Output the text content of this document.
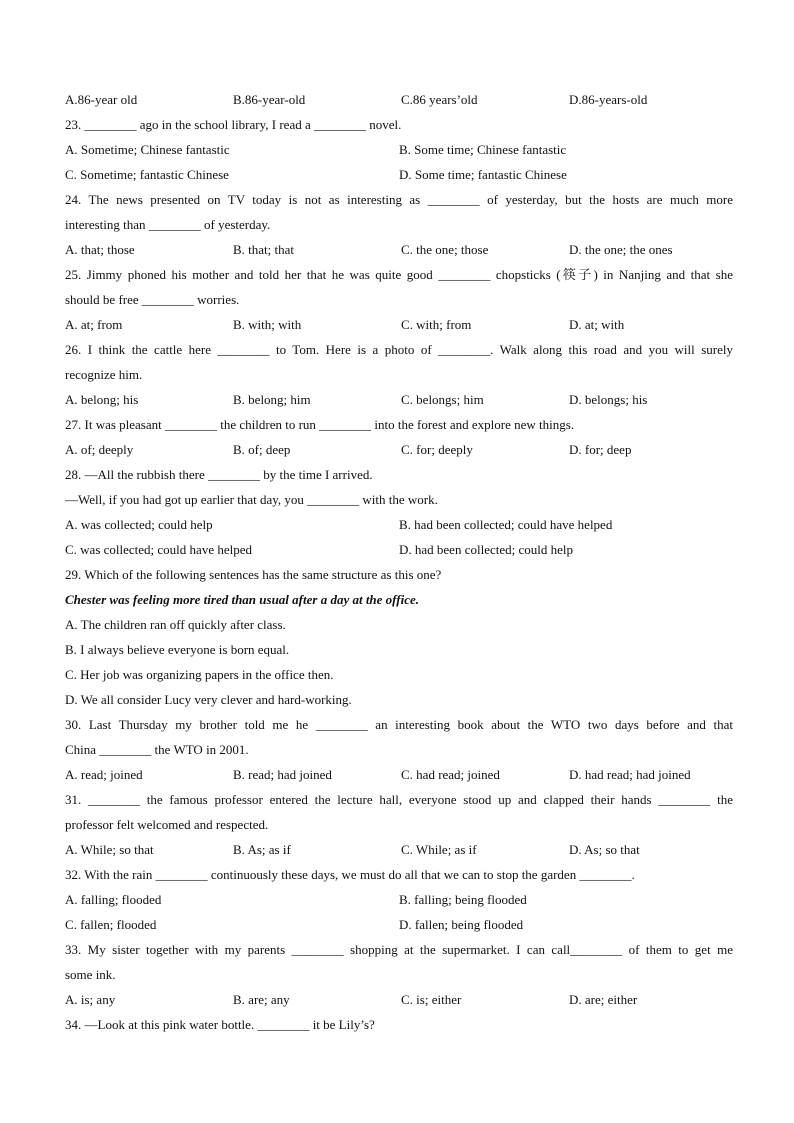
A.86-year old	B.86-year-old	C.86 years’old	D.86-years-old
23. ________ ago in the school library, I read a ________ novel.
A. Sometime; Chinese fantastic	B. Some time; Chinese fantastic
C. Sometime; fantastic Chinese	D. Some time; fantastic Chinese
24. The news presented on TV today is not as interesting as ________ of yesterday, but the hosts are much more
interesting than ________ of yesterday.
A. that; those	B. that; that	C. the one; those	D. the one; the ones
25. Jimmy phoned his mother and told her that he was quite good ________ chopsticks (筷子) in Nanjing and that she
should be free ________ worries.
A. at; from	B. with; with	C. with; from	D. at; with
26. I think the cattle here ________ to Tom. Here is a photo of ________. Walk along this road and you will surely
recognize him.
A. belong; his	B. belong; him	C. belongs; him	D. belongs; his
27. It was pleasant ________ the children to run ________ into the forest and explore new things.
A. of; deeply	B. of; deep	C. for; deeply	D. for; deep
28. —All the rubbish there ________ by the time I arrived.
—Well, if you had got up earlier that day, you ________ with the work.
A. was collected; could help	B. had been collected; could have helped
C. was collected; could have helped	D. had been collected; could help
29. Which of the following sentences has the same structure as this one?
Chester was feeling more tired than usual after a day at the office.
A. The children ran off quickly after class.
B. I always believe everyone is born equal.
C. Her job was organizing papers in the office then.
D. We all consider Lucy very clever and hard-working.
30. Last Thursday my brother told me he ________ an interesting book about the WTO two days before and that
China ________ the WTO in 2001.
A. read; joined	B. read; had joined	C. had read; joined	D. had read; had joined
31. ________ the famous professor entered the lecture hall, everyone stood up and clapped their hands ________ the
professor felt welcomed and respected.
A. While; so that	B. As; as if	C. While; as if	D. As; so that
32. With the rain ________ continuously these days, we must do all that we can to stop the garden ________.
A. falling; flooded	B. falling; being flooded
C. fallen; flooded	D. fallen; being flooded
33. My sister together with my parents ________ shopping at the supermarket. I can call________ of them to get me
some ink.
A. is; any	B. are; any	C. is; either	D. are; either
34. —Look at this pink water bottle. ________ it be Lily’s?
